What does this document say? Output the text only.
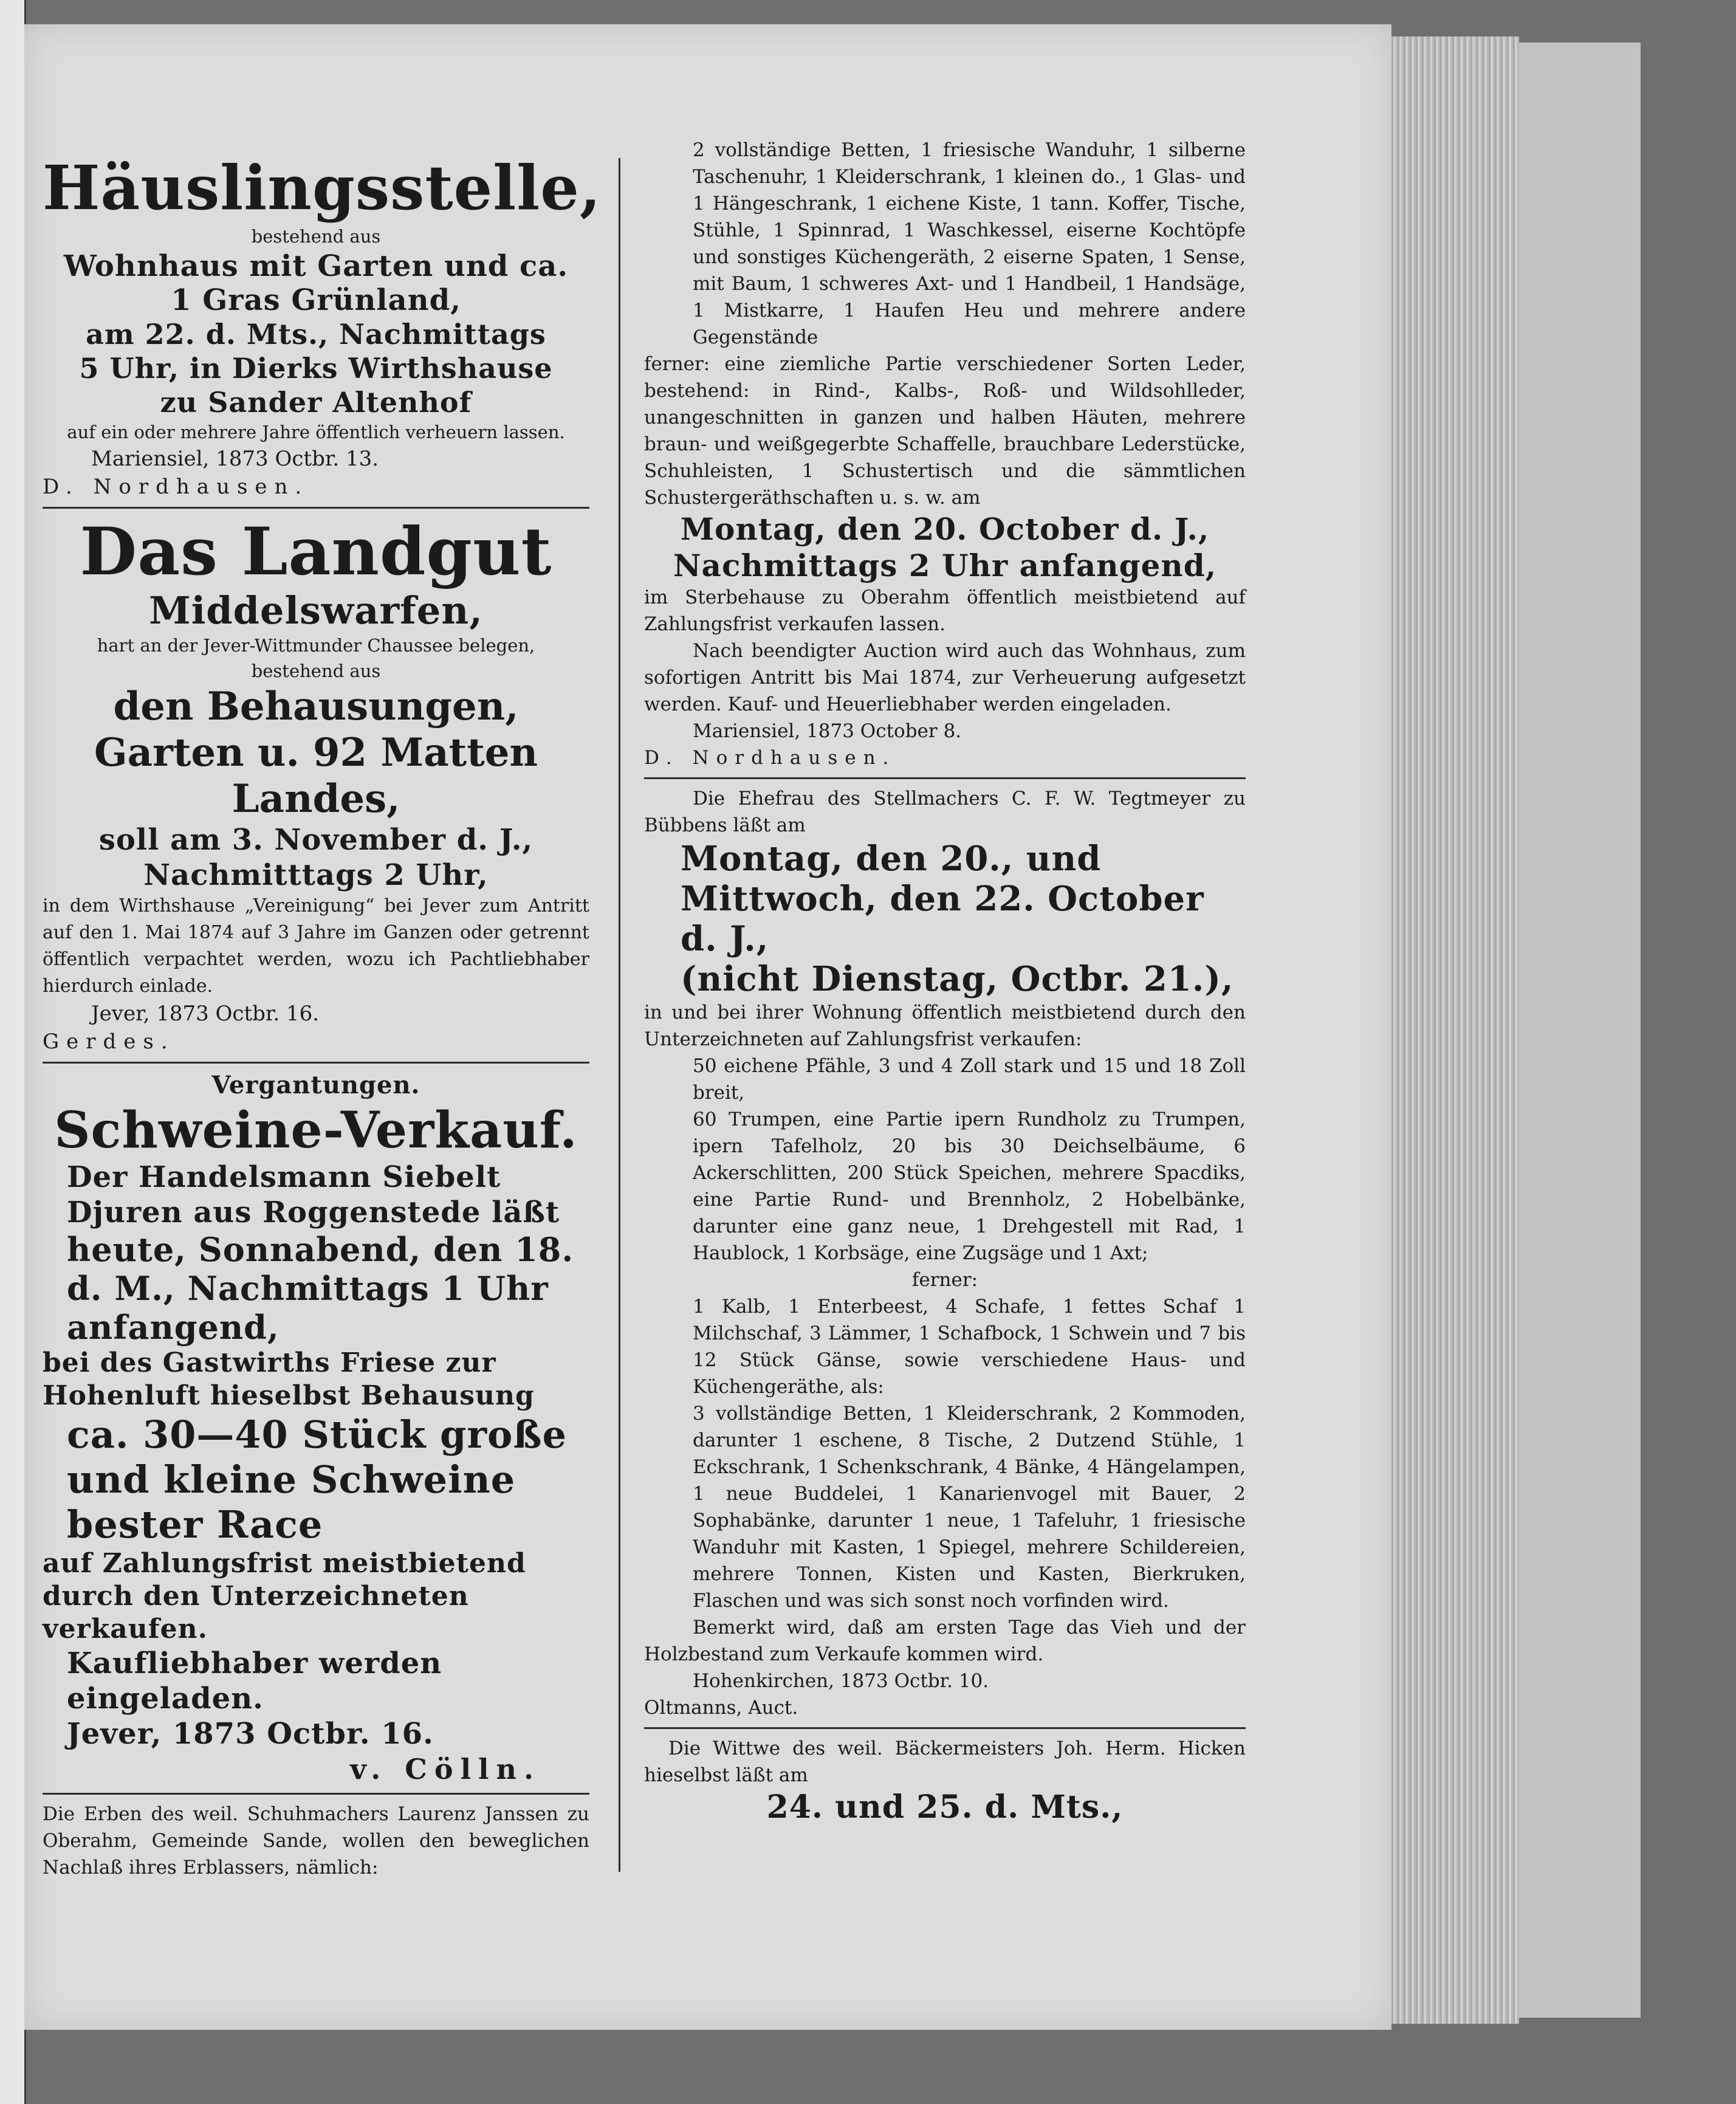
Häuslingsstelle,
bestehend aus
Wohnhaus mit Garten und ca.
1 Gras Grünland,
am 22. d. Mts., Nachmittags
5 Uhr, in Dierks Wirthshause
zu Sander Altenhof
auf ein oder mehrere Jahre öffentlich verheuern lassen.
Mariensiel, 1873 Octbr. 13.
D. Nordhausen.
Das Landgut
Middelswarfen,
hart an der Jever-Wittmunder Chaussee belegen,
bestehend aus
den Behausungen,
Garten u. 92 Matten
Landes,
soll am 3. November d. J.,
Nachmitttags 2 Uhr,
in dem Wirthshause „Vereinigung“ bei Jever zum Antritt auf den 1. Mai 1874 auf 3 Jahre im Ganzen oder getrennt öffentlich verpachtet werden, wozu ich Pachtliebhaber hierdurch einlade.
Jever, 1873 Octbr. 16.
Gerdes.
Vergantungen.
Schweine-Verkauf.
Der Handelsmann Siebelt Djuren aus Roggenstede läßt
heute, Sonnabend, den 18. d. M., Nachmittags 1 Uhr anfangend,
bei des Gastwirths Friese zur Hohenluft hieselbst Behausung
ca. 30—40 Stück große und kleine Schweine bester Race
auf Zahlungsfrist meistbietend durch den Unterzeichneten verkaufen.
Kaufliebhaber werden eingeladen.
Jever, 1873 Octbr. 16.
v. Cölln.
Die Erben des weil. Schuhmachers Laurenz Janssen zu Oberahm, Gemeinde Sande, wollen den beweglichen Nachlaß ihres Erblassers, nämlich:
2 vollständige Betten, 1 friesische Wanduhr, 1 silberne Taschenuhr, 1 Kleiderschrank, 1 kleinen do., 1 Glas- und 1 Hängeschrank, 1 eichene Kiste, 1 tann. Koffer, Tische, Stühle, 1 Spinnrad, 1 Waschkessel, eiserne Kochtöpfe und sonstiges Küchengeräth, 2 eiserne Spaten, 1 Sense, mit Baum, 1 schweres Axt- und 1 Handbeil, 1 Handsäge, 1 Mistkarre, 1 Haufen Heu und mehrere andere Gegenstände
ferner: eine ziemliche Partie verschiedener Sorten Leder, bestehend: in Rind-, Kalbs-, Roß- und Wildsohlleder, unangeschnitten in ganzen und halben Häuten, mehrere braun- und weißgegerbte Schaffelle, brauchbare Lederstücke, Schuhleisten, 1 Schustertisch und die sämmtlichen Schustergeräthschaften u. s. w. am
Montag, den 20. October d. J.,
Nachmittags 2 Uhr anfangend,
im Sterbehause zu Oberahm öffentlich meistbietend auf Zahlungsfrist verkaufen lassen.
Nach beendigter Auction wird auch das Wohnhaus, zum sofortigen Antritt bis Mai 1874, zur Verheuerung aufgesetzt werden. Kauf- und Heuerliebhaber werden eingeladen.
Mariensiel, 1873 October 8.
D. Nordhausen.
Die Ehefrau des Stellmachers C. F. W. Tegtmeyer zu Bübbens läßt am
Montag, den 20., und Mittwoch, den 22. October d. J.,
(nicht Dienstag, Octbr. 21.),
in und bei ihrer Wohnung öffentlich meistbietend durch den Unterzeichneten auf Zahlungsfrist verkaufen:
50 eichene Pfähle, 3 und 4 Zoll stark und 15 und 18 Zoll breit,
60 Trumpen, eine Partie ipern Rundholz zu Trumpen, ipern Tafelholz, 20 bis 30 Deichselbäume, 6 Ackerschlitten, 200 Stück Speichen, mehrere Spacdiks, eine Partie Rund- und Brennholz, 2 Hobelbänke, darunter eine ganz neue, 1 Drehgestell mit Rad, 1 Haublock, 1 Korbsäge, eine Zugsäge und 1 Axt;
ferner:
1 Kalb, 1 Enterbeest, 4 Schafe, 1 fettes Schaf 1 Milchschaf, 3 Lämmer, 1 Schafbock, 1 Schwein und 7 bis 12 Stück Gänse, sowie verschiedene Haus- und Küchengeräthe, als:
3 vollständige Betten, 1 Kleiderschrank, 2 Kommoden, darunter 1 eschene, 8 Tische, 2 Dutzend Stühle, 1 Eckschrank, 1 Schenkschrank, 4 Bänke, 4 Hängelampen, 1 neue Buddelei, 1 Kanarienvogel mit Bauer, 2 Sophabänke, darunter 1 neue, 1 Tafeluhr, 1 friesische Wanduhr mit Kasten, 1 Spiegel, mehrere Schildereien, mehrere Tonnen, Kisten und Kasten, Bierkruken, Flaschen und was sich sonst noch vorfinden wird.
Bemerkt wird, daß am ersten Tage das Vieh und der Holzbestand zum Verkaufe kommen wird.
Hohenkirchen, 1873 Octbr. 10.
Oltmanns, Auct.
Die Wittwe des weil. Bäckermeisters Joh. Herm. Hicken hieselbst läßt am
24. und 25. d. Mts.,
